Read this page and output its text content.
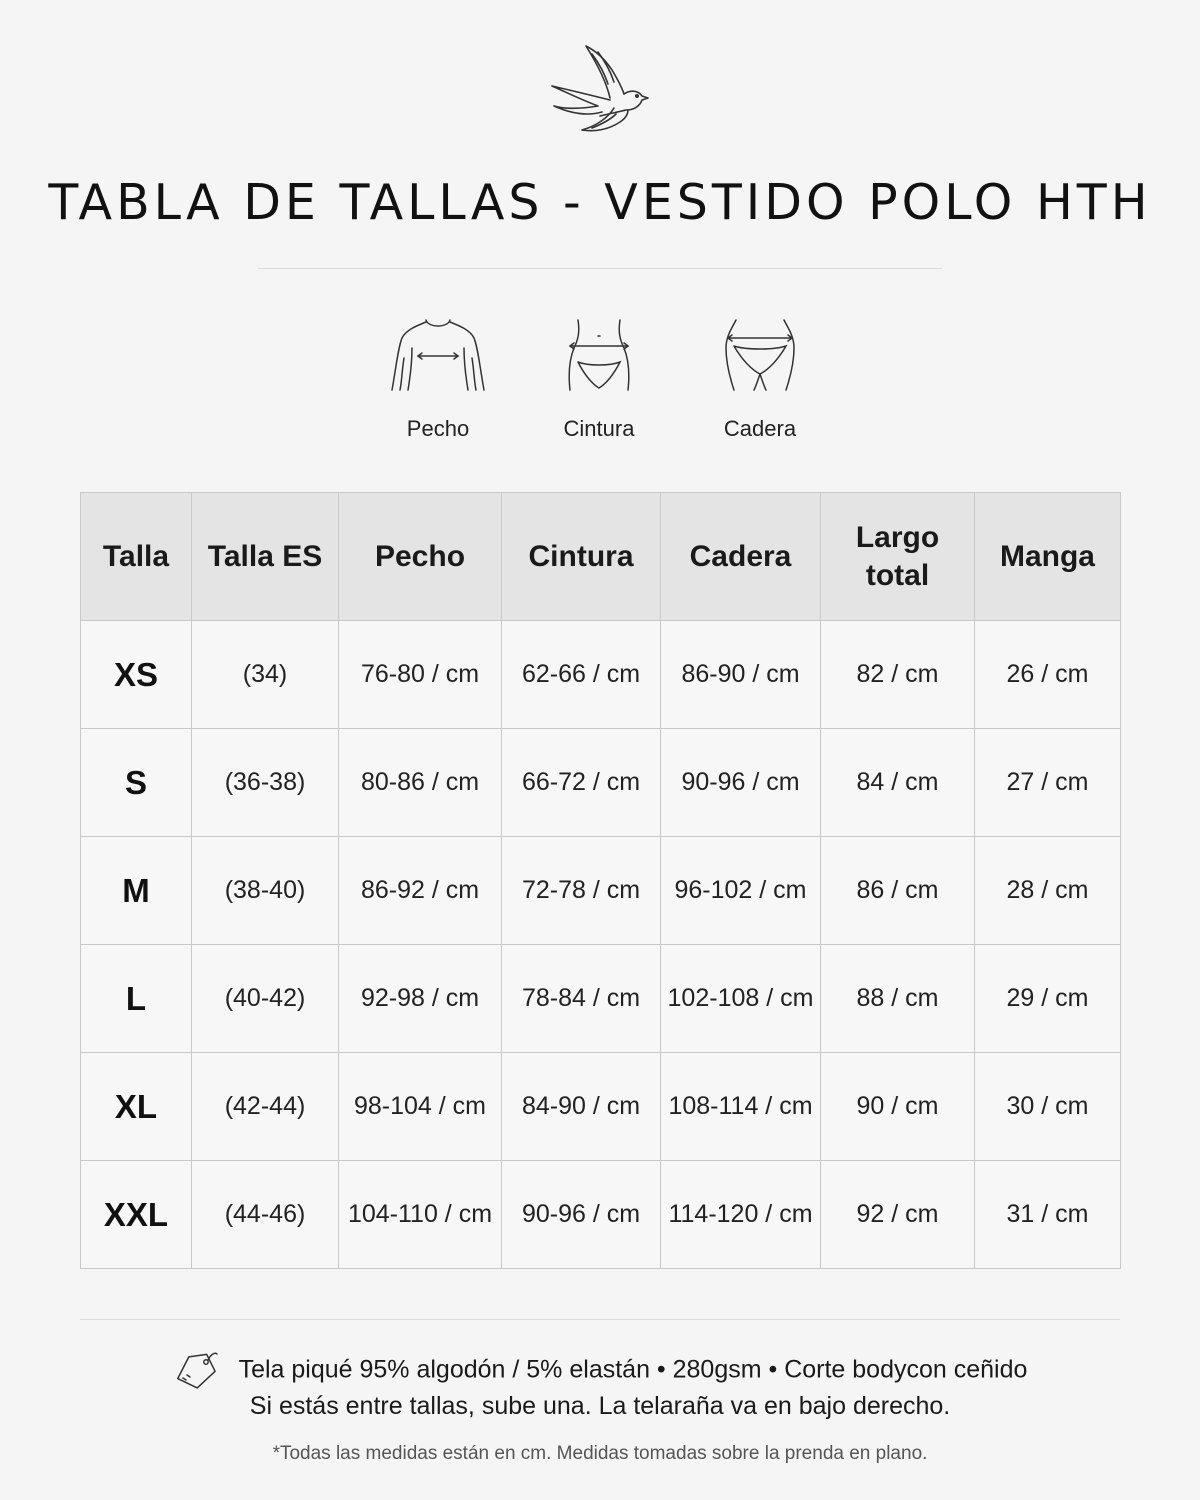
TABLA DE TALLAS - VESTIDO POLO HTH
Pecho	Cintura	Cadera
Talla	Talla ES	Pecho	Cintura	Cadera	Largo total	Manga
XS	(34)	76-80 / cm	62-66 / cm	86-90 / cm	82 / cm	26 / cm
S	(36-38)	80-86 / cm	66-72 / cm	90-96 / cm	84 / cm	27 / cm
M	(38-40)	86-92 / cm	72-78 / cm	96-102 / cm	86 / cm	28 / cm
L	(40-42)	92-98 / cm	78-84 / cm	102-108 / cm	88 / cm	29 / cm
XL	(42-44)	98-104 / cm	84-90 / cm	108-114 / cm	90 / cm	30 / cm
XXL	(44-46)	104-110 / cm	90-96 / cm	114-120 / cm	92 / cm	31 / cm
Tela piqué 95% algodón / 5% elastán • 280gsm • Corte bodycon ceñido
Si estás entre tallas, sube una. La telaraña va en bajo derecho.
*Todas las medidas están en cm. Medidas tomadas sobre la prenda en plano.
